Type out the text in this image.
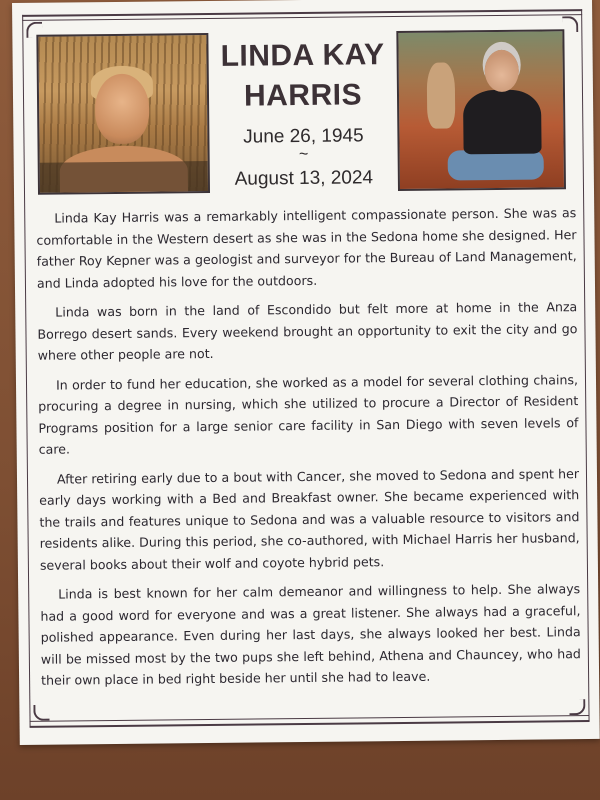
LINDA KAY HARRIS
June 26, 1945
~
August 13, 2024

Linda Kay Harris was a remarkably intelligent compassionate person. She was as comfortable in the Western desert as she was in the Sedona home she designed. Her father Roy Kepner was a geologist and surveyor for the Bureau of Land Management, and Linda adopted his love for the outdoors.

Linda was born in the land of Escondido but felt more at home in the Anza Borrego desert sands. Every weekend brought an opportunity to exit the city and go where other people are not.

In order to fund her education, she worked as a model for several clothing chains, procuring a degree in nursing, which she utilized to procure a Director of Resident Programs position for a large senior care facility in San Diego with seven levels of care.

After retiring early due to a bout with Cancer, she moved to Sedona and spent her early days working with a Bed and Breakfast owner. She became experienced with the trails and features unique to Sedona and was a valuable resource to visitors and residents alike. During this period, she co-authored, with Michael Harris her husband, several books about their wolf and coyote hybrid pets.

Linda is best known for her calm demeanor and willingness to help. She always had a good word for everyone and was a great listener. She always had a graceful, polished appearance. Even during her last days, she always looked her best. Linda will be missed most by the two pups she left behind, Athena and Chauncey, who had their own place in bed right beside her until she had to leave.
